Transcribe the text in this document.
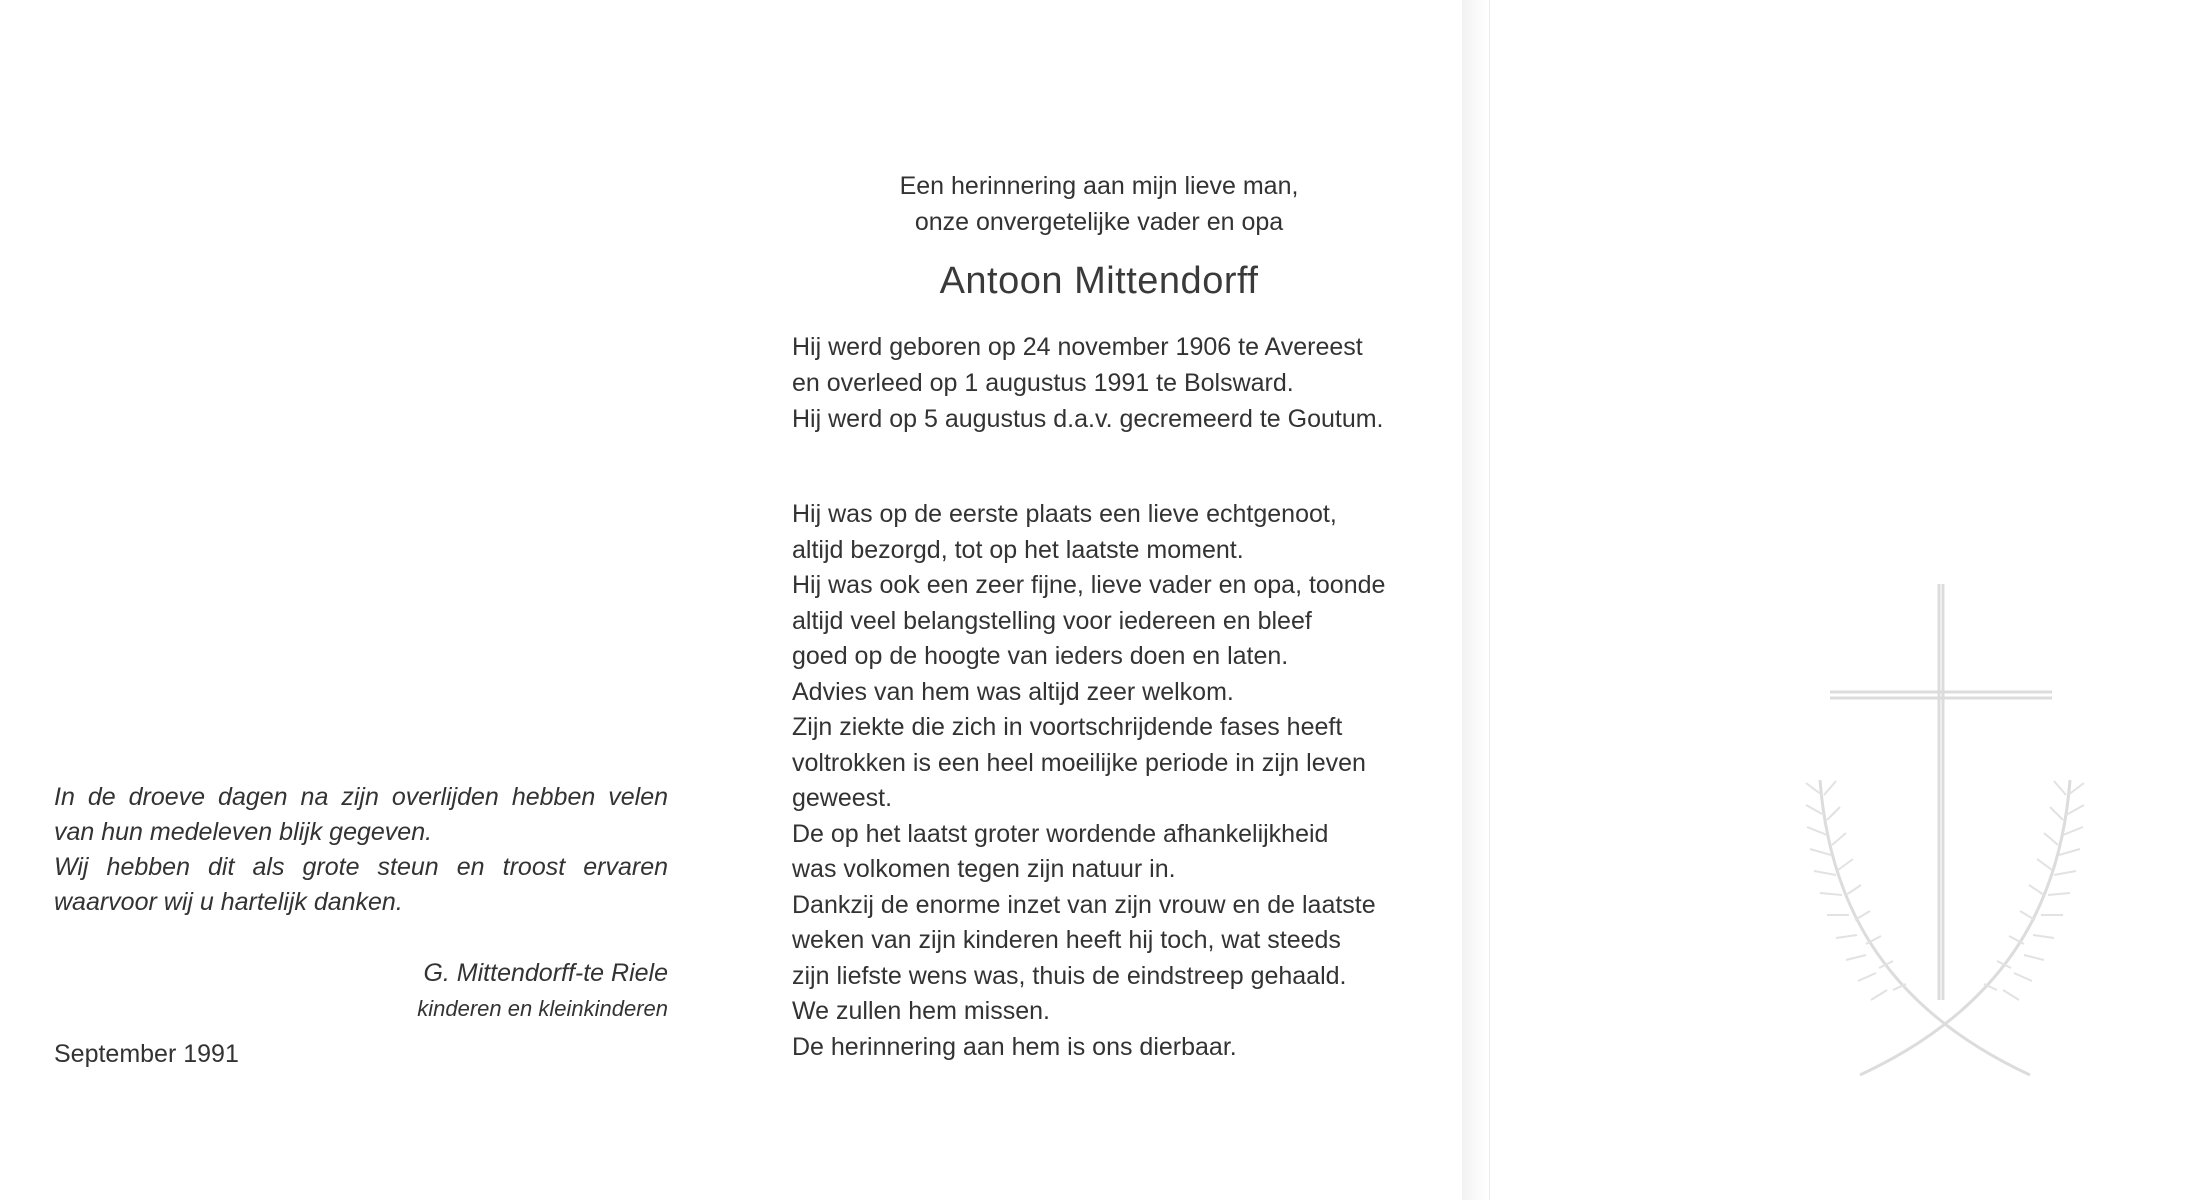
In de droeve dagen na zijn overlijden hebben velen

van hun medeleven blijk gegeven.

Wij hebben dit als grote steun en troost ervaren

waarvoor wij u hartelijk danken.

G. Mittendorff-te Riele
kinderen en kleinkinderen
September 1991
Een herinnering aan mijn lieve man,
onze onvergetelijke vader en opa
Antoon Mittendorff

Hij werd geboren op 24 november 1906 te Avereest

en overleed op 1 augustus 1991 te Bolsward.

Hij werd op 5 augustus d.a.v. gecremeerd te Goutum.

Hij was op de eerste plaats een lieve echtgenoot,

altijd bezorgd, tot op het laatste moment.

Hij was ook een zeer fijne, lieve vader en opa, toonde

altijd veel belangstelling voor iedereen en bleef

goed op de hoogte van ieders doen en laten.

Advies van hem was altijd zeer welkom.

Zijn ziekte die zich in voortschrijdende fases heeft

voltrokken is een heel moeilijke periode in zijn leven

geweest.

De op het laatst groter wordende afhankelijkheid

was volkomen tegen zijn natuur in.

Dankzij de enorme inzet van zijn vrouw en de laatste

weken van zijn kinderen heeft hij toch, wat steeds

zijn liefste wens was, thuis de eindstreep gehaald.

We zullen hem missen.

De herinnering aan hem is ons dierbaar.
